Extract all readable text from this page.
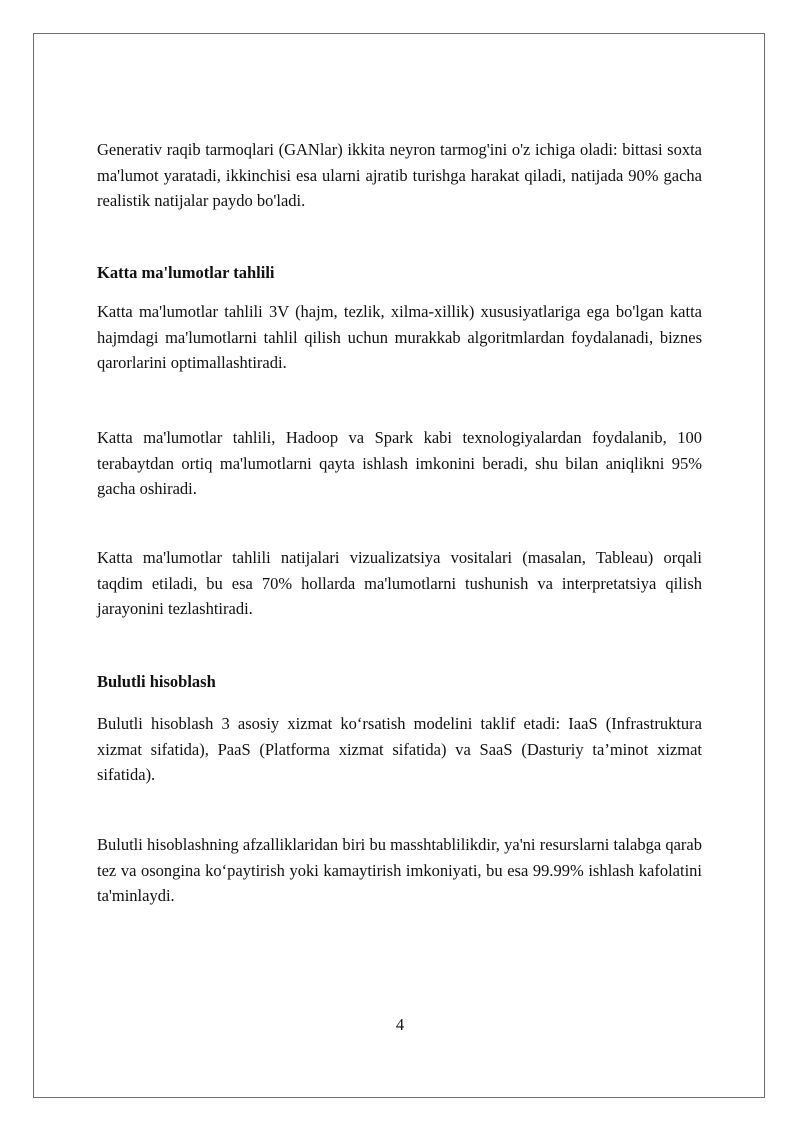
Generativ raqib tarmoqlari (GANlar) ikkita neyron tarmog'ini o'z ichiga oladi: bittasi soxta ma'lumot yaratadi, ikkinchisi esa ularni ajratib turishga harakat qiladi, natijada 90% gacha realistik natijalar paydo bo'ladi.

Katta ma'lumotlar tahlili

Katta ma'lumotlar tahlili 3V (hajm, tezlik, xilma-xillik) xususiyatlariga ega bo'lgan katta hajmdagi ma'lumotlarni tahlil qilish uchun murakkab algoritmlardan foydalanadi, biznes qarorlarini optimallashtiradi.

Katta ma'lumotlar tahlili, Hadoop va Spark kabi texnologiyalardan foydalanib, 100 terabaytdan ortiq ma'lumotlarni qayta ishlash imkonini beradi, shu bilan aniqlikni 95% gacha oshiradi.

Katta ma'lumotlar tahlili natijalari vizualizatsiya vositalari (masalan, Tableau) orqali taqdim etiladi, bu esa 70% hollarda ma'lumotlarni tushunish va interpretatsiya qilish jarayonini tezlashtiradi.

Bulutli hisoblash

Bulutli hisoblash 3 asosiy xizmat ko‘rsatish modelini taklif etadi: IaaS (Infrastruktura xizmat sifatida), PaaS (Platforma xizmat sifatida) va SaaS (Dasturiy ta’minot xizmat sifatida).

Bulutli hisoblashning afzalliklaridan biri bu masshtablilikdir, ya'ni resurslarni talabga qarab tez va osongina ko‘paytirish yoki kamaytirish imkoniyati, bu esa 99.99% ishlash kafolatini ta'minlaydi.

4
